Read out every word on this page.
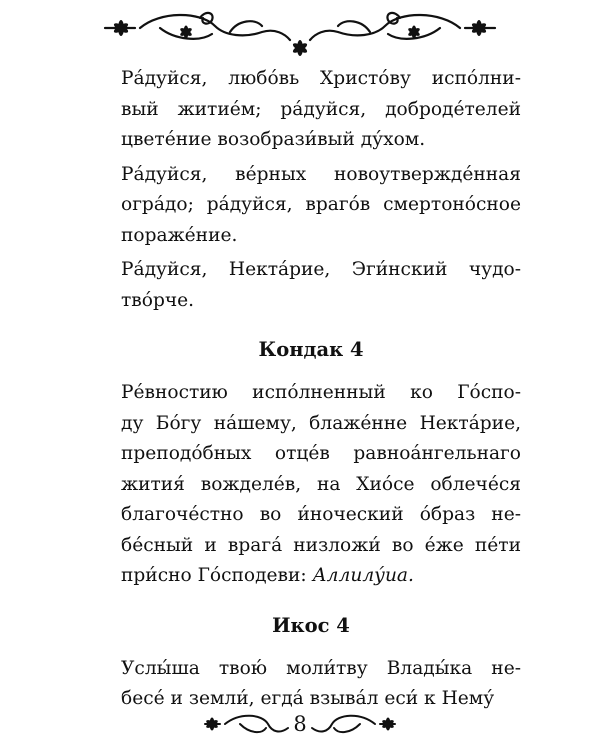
Ра́дуйся, любо́вь Христо́ву испо́лни-
вый житие́м; ра́дуйся, доброде́телей
цвете́ние возобрази́вый ду́хом.

Ра́дуйся, ве́рных новоутвержде́нная
огра́до; ра́дуйся, враго́в смертоно́сное
пораже́ние.

Ра́дуйся, Некта́рие, Эги́нский чудо-
тво́рче.

Кондак 4

Ре́вностию испо́лненный ко Го́спо-
ду Бо́гу на́шему, блаже́нне Некта́рие,
преподо́бных отце́в равноа́нгельнаго
жития́ вожделе́в, на Хио́се облече́ся
благоче́стно во и́ноческий о́браз не-
бе́сный и врага́ низложи́ во е́же пе́ти
при́сно Го́сподеви: Аллилу́иа.

Икос 4

Услы́ша твою́ моли́тву Влады́ка не-
бесе́ и земли́, егда́ взыва́л еси́ к Нему́

8
